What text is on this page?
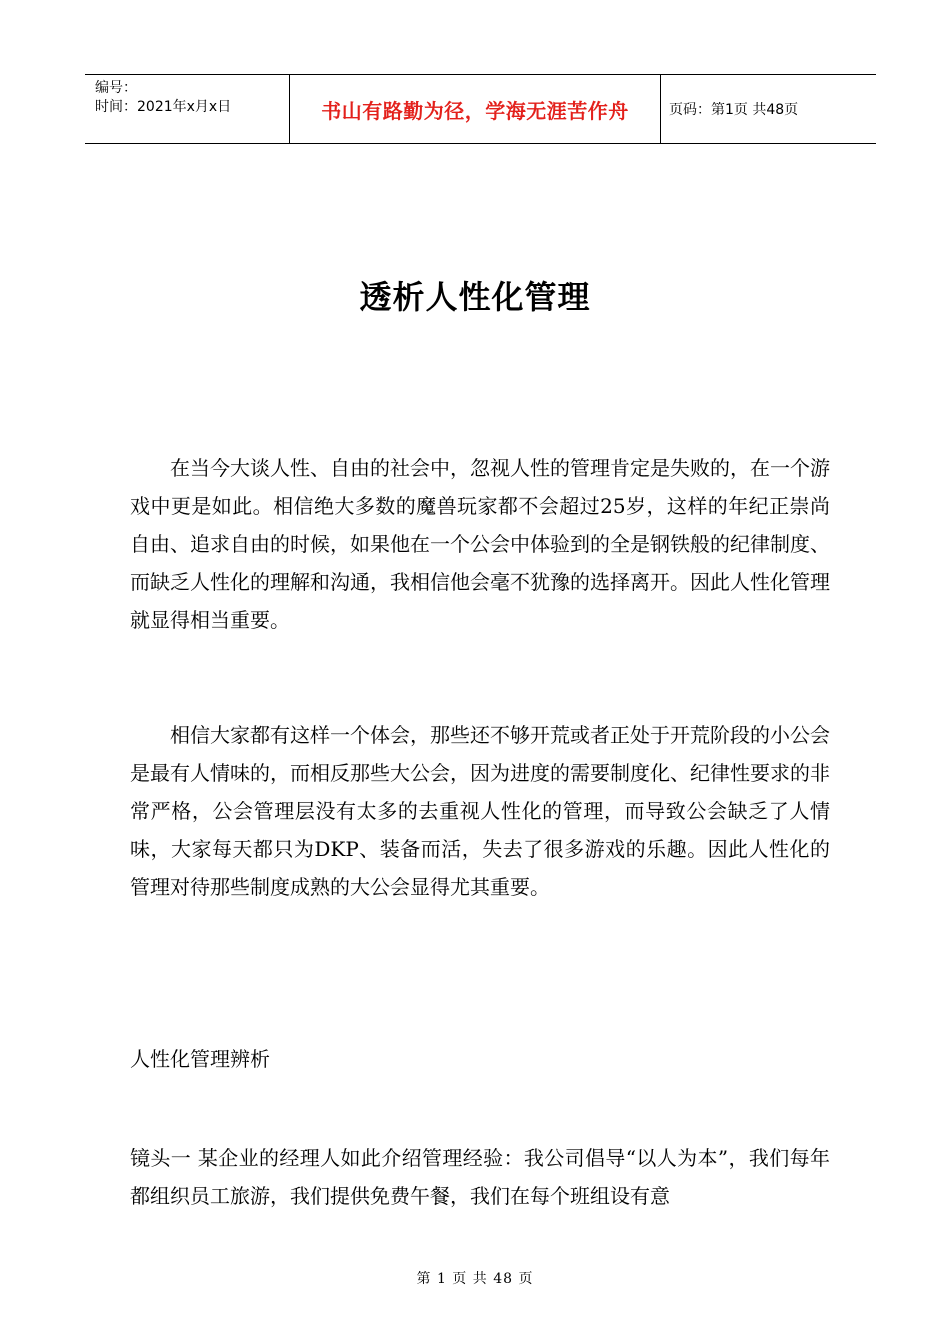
编号：
时间：2021年x月x日	书山有路勤为径，学海无涯苦作舟	页码：第1页 共48页
透析人性化管理
在当今大谈人性、自由的社会中，忽视人性的管理肯定是失败的，在一个游戏中更是如此。相信绝大多数的魔兽玩家都不会超过25岁，这样的年纪正崇尚自由、追求自由的时候，如果他在一个公会中体验到的全是钢铁般的纪律制度、而缺乏人性化的理解和沟通，我相信他会毫不犹豫的选择离开。因此人性化管理就显得相当重要。
相信大家都有这样一个体会，那些还不够开荒或者正处于开荒阶段的小公会是最有人情味的，而相反那些大公会，因为进度的需要制度化、纪律性要求的非常严格，公会管理层没有太多的去重视人性化的管理，而导致公会缺乏了人情味，大家每天都只为DKP、装备而活，失去了很多游戏的乐趣。因此人性化的管理对待那些制度成熟的大公会显得尤其重要。
人性化管理辨析
镜头一 某企业的经理人如此介绍管理经验：我公司倡导“以人为本”，我们每年都组织员工旅游，我们提供免费午餐，我们在每个班组设有意
第 1 页 共 48 页
